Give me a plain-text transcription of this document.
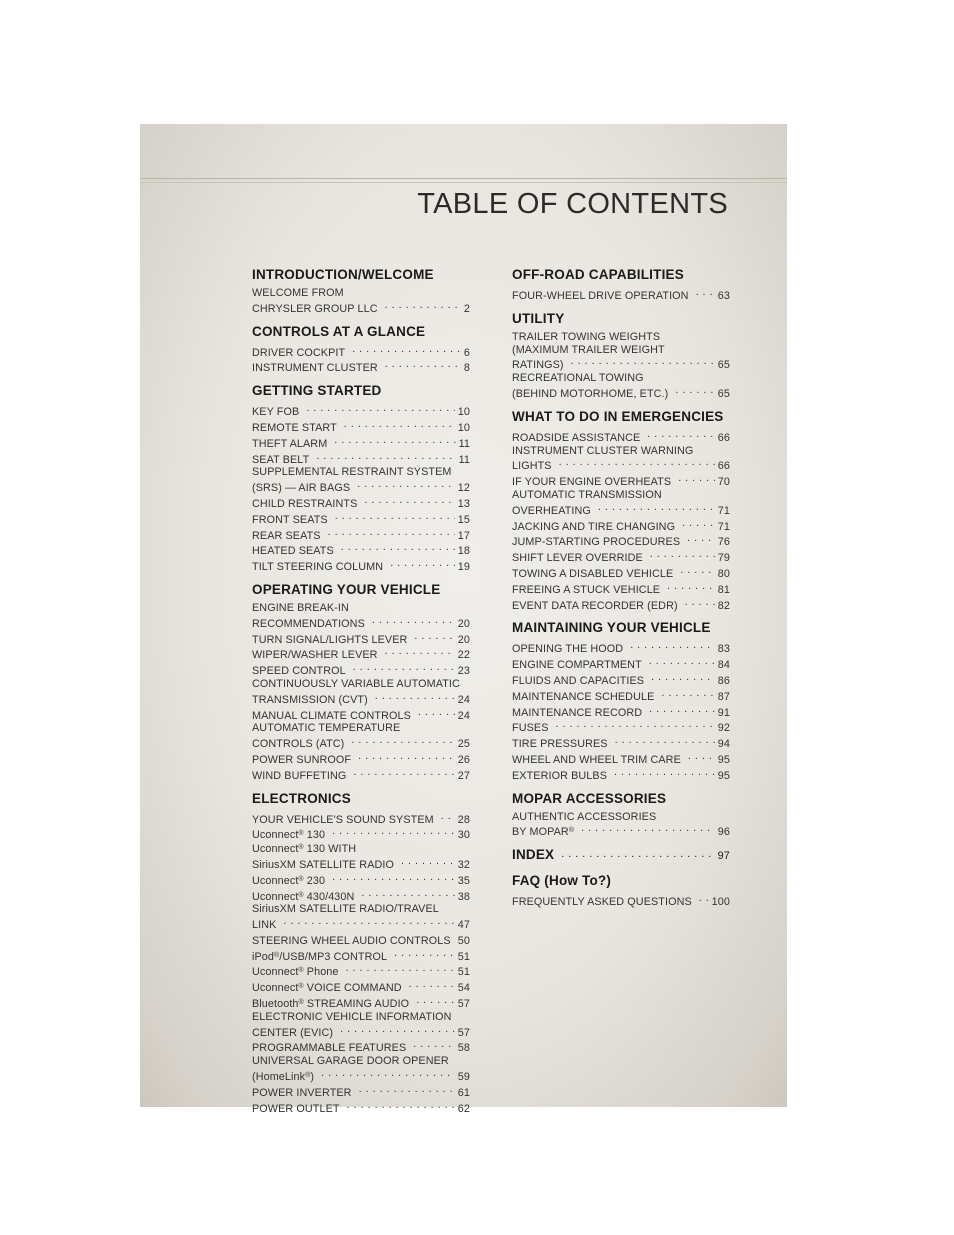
TABLE OF CONTENTS
INTRODUCTION/WELCOME
WELCOME FROM
CHRYSLER GROUP LLC . . .	2
CONTROLS AT A GLANCE
DRIVER COCKPIT . . .	6
INSTRUMENT CLUSTER . . .	8
GETTING STARTED
KEY FOB . . .	10
REMOTE START . . .	10
THEFT ALARM . . .	11
SEAT BELT . . .	11
SUPPLEMENTAL RESTRAINT SYSTEM
(SRS) — AIR BAGS . . .	12
CHILD RESTRAINTS . . .	13
FRONT SEATS . . .	15
REAR SEATS . . .	17
HEATED SEATS . . .	18
TILT STEERING COLUMN . . .	19
OPERATING YOUR VEHICLE
ENGINE BREAK-IN
RECOMMENDATIONS . . .	20
TURN SIGNAL/LIGHTS LEVER . . .	20
WIPER/WASHER LEVER . . .	22
SPEED CONTROL . . .	23
CONTINUOUSLY VARIABLE AUTOMATIC
TRANSMISSION (CVT) . . .	24
MANUAL CLIMATE CONTROLS . . .	24
AUTOMATIC TEMPERATURE
CONTROLS (ATC) . . .	25
POWER SUNROOF . . .	26
WIND BUFFETING . . .	27
ELECTRONICS
YOUR VEHICLE'S SOUND SYSTEM . . . 28
Uconnect® 130 . . .	30
Uconnect® 130 WITH
SiriusXM SATELLITE RADIO . . .	32
Uconnect® 230 . . .	35
Uconnect® 430/430N . . .	38
SiriusXM SATELLITE RADIO/TRAVEL
LINK . . .	47
STEERING WHEEL AUDIO CONTROLS . . . 50
iPod®/USB/MP3 CONTROL . . .	51
Uconnect® Phone . . .	51
Uconnect® VOICE COMMAND . . .	54
Bluetooth® STREAMING AUDIO . . .	57
ELECTRONIC VEHICLE INFORMATION
CENTER (EVIC) . . .	57
PROGRAMMABLE FEATURES . . .	58
UNIVERSAL GARAGE DOOR OPENER
(HomeLink®) . . .	59
POWER INVERTER . . .	61
POWER OUTLET . . .	62
OFF-ROAD CAPABILITIES
FOUR-WHEEL DRIVE OPERATION . . .	63
UTILITY
TRAILER TOWING WEIGHTS
(MAXIMUM TRAILER WEIGHT
RATINGS) . . .	65
RECREATIONAL TOWING
(BEHIND MOTORHOME, ETC.) . . .	65
WHAT TO DO IN EMERGENCIES
ROADSIDE ASSISTANCE . . .	66
INSTRUMENT CLUSTER WARNING
LIGHTS . . .	66
IF YOUR ENGINE OVERHEATS . . .	70
AUTOMATIC TRANSMISSION
OVERHEATING . . .	71
JACKING AND TIRE CHANGING . . .	71
JUMP-STARTING PROCEDURES . . .	76
SHIFT LEVER OVERRIDE . . .	79
TOWING A DISABLED VEHICLE . . .	80
FREEING A STUCK VEHICLE . . .	81
EVENT DATA RECORDER (EDR) . . .	82
MAINTAINING YOUR VEHICLE
OPENING THE HOOD . . .	83
ENGINE COMPARTMENT . . .	84
FLUIDS AND CAPACITIES . . .	86
MAINTENANCE SCHEDULE . . .	87
MAINTENANCE RECORD . . .	91
FUSES . . .	92
TIRE PRESSURES . . .	94
WHEEL AND WHEEL TRIM CARE . . .	95
EXTERIOR BULBS . . .	95
MOPAR ACCESSORIES
AUTHENTIC ACCESSORIES
BY MOPAR® . . .	96
INDEX . . .	97
FAQ (How To?)
FREQUENTLY ASKED QUESTIONS . . . 100
